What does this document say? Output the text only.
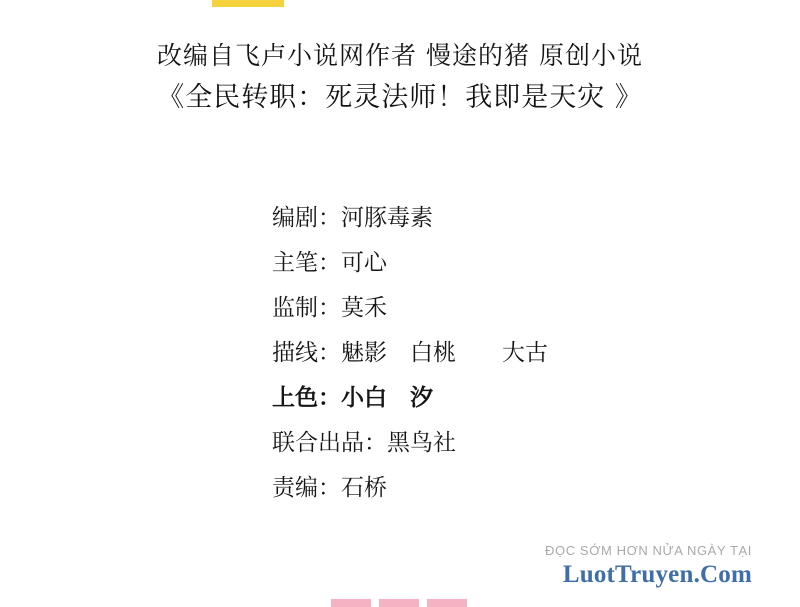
改编自飞卢小说网作者 慢途的猪 原创小说
《全民转职：死灵法师！我即是天灾 》
编剧：河豚毒素
主笔：可心
监制：莫禾
描线：魅影　白桃　　大古
上色：小白　汐
联合出品：黑鸟社
责编：石桥
ĐỌC SỚM HƠN NỬA NGÀY TẠI
LuotTruyen.Com
